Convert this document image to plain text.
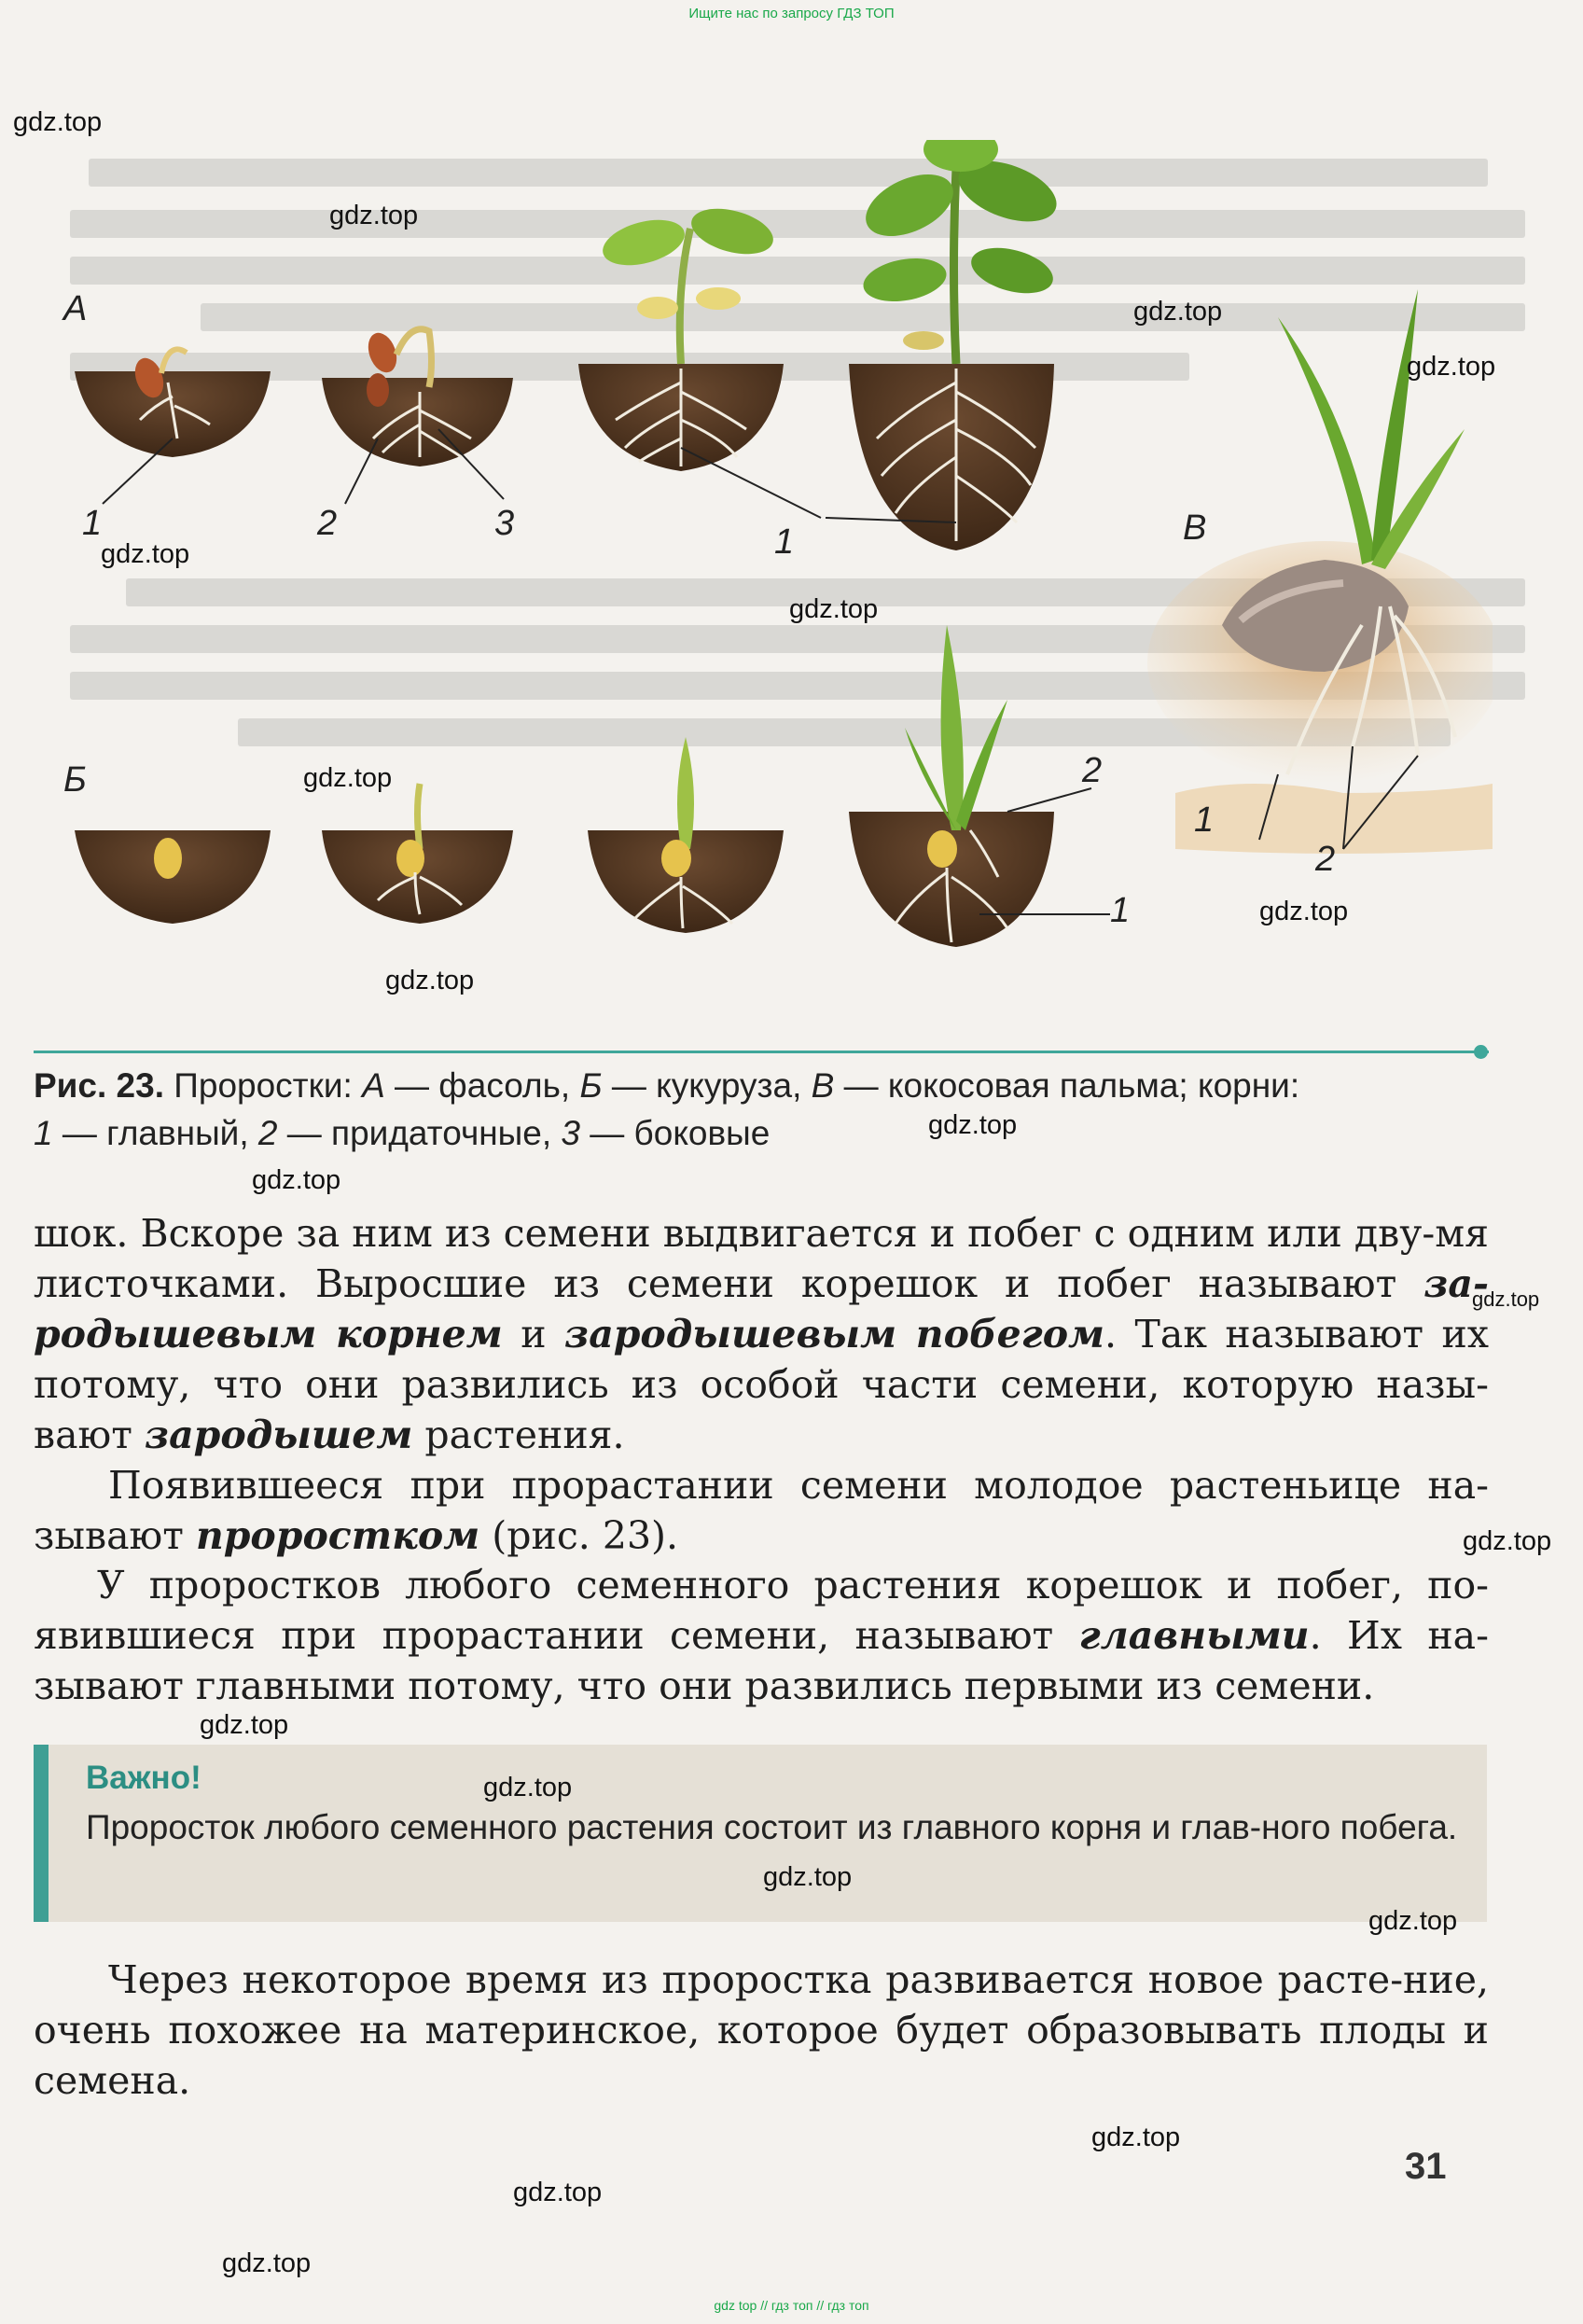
Ищите нас по запросу ГДЗ ТОП
А
1	2	3	1	В
Б	2
1
1
2
Рис. 23. Проростки: А — фасоль, Б — кукуруза, В — кокосовая пальма; корни:
1 — главный, 2 — придаточные, 3 — боковые
шок. Вскоре за ним из семени выдвигается и побег с одним или дву-мя листочками. Выросшие из семени корешок и побег называют за-родышевым корнем и зародышевым побегом. Так называют их потому, что они развились из особой части семени, которую назы-вают зародышем растения.
Появившееся при прорастании семени молодое растеньице на-зывают проростком (рис. 23).
У проростков любого семенного растения корешок и побег, по-явившиеся при прорастании семени, называют главными. Их на-зывают главными потому, что они развились первыми из семени.
Важно!
Проросток любого семенного растения состоит из главного корня и глав-ного побега.
Через некоторое время из проростка развивается новое расте-ние, очень похожее на материнское, которое будет образовывать плоды и семена.
31
gdz.top
gdz.top
gdz.top
gdz.top
gdz.top
gdz.top
gdz.top
gdz.top
gdz.top
gdz.top
gdz.top
gdz.top
gdz.top
gdz.top
gdz.top
gdz.top
gdz.top
gdz.top
gdz.top
gdz.top
gdz top // гдз топ // гдз топ
